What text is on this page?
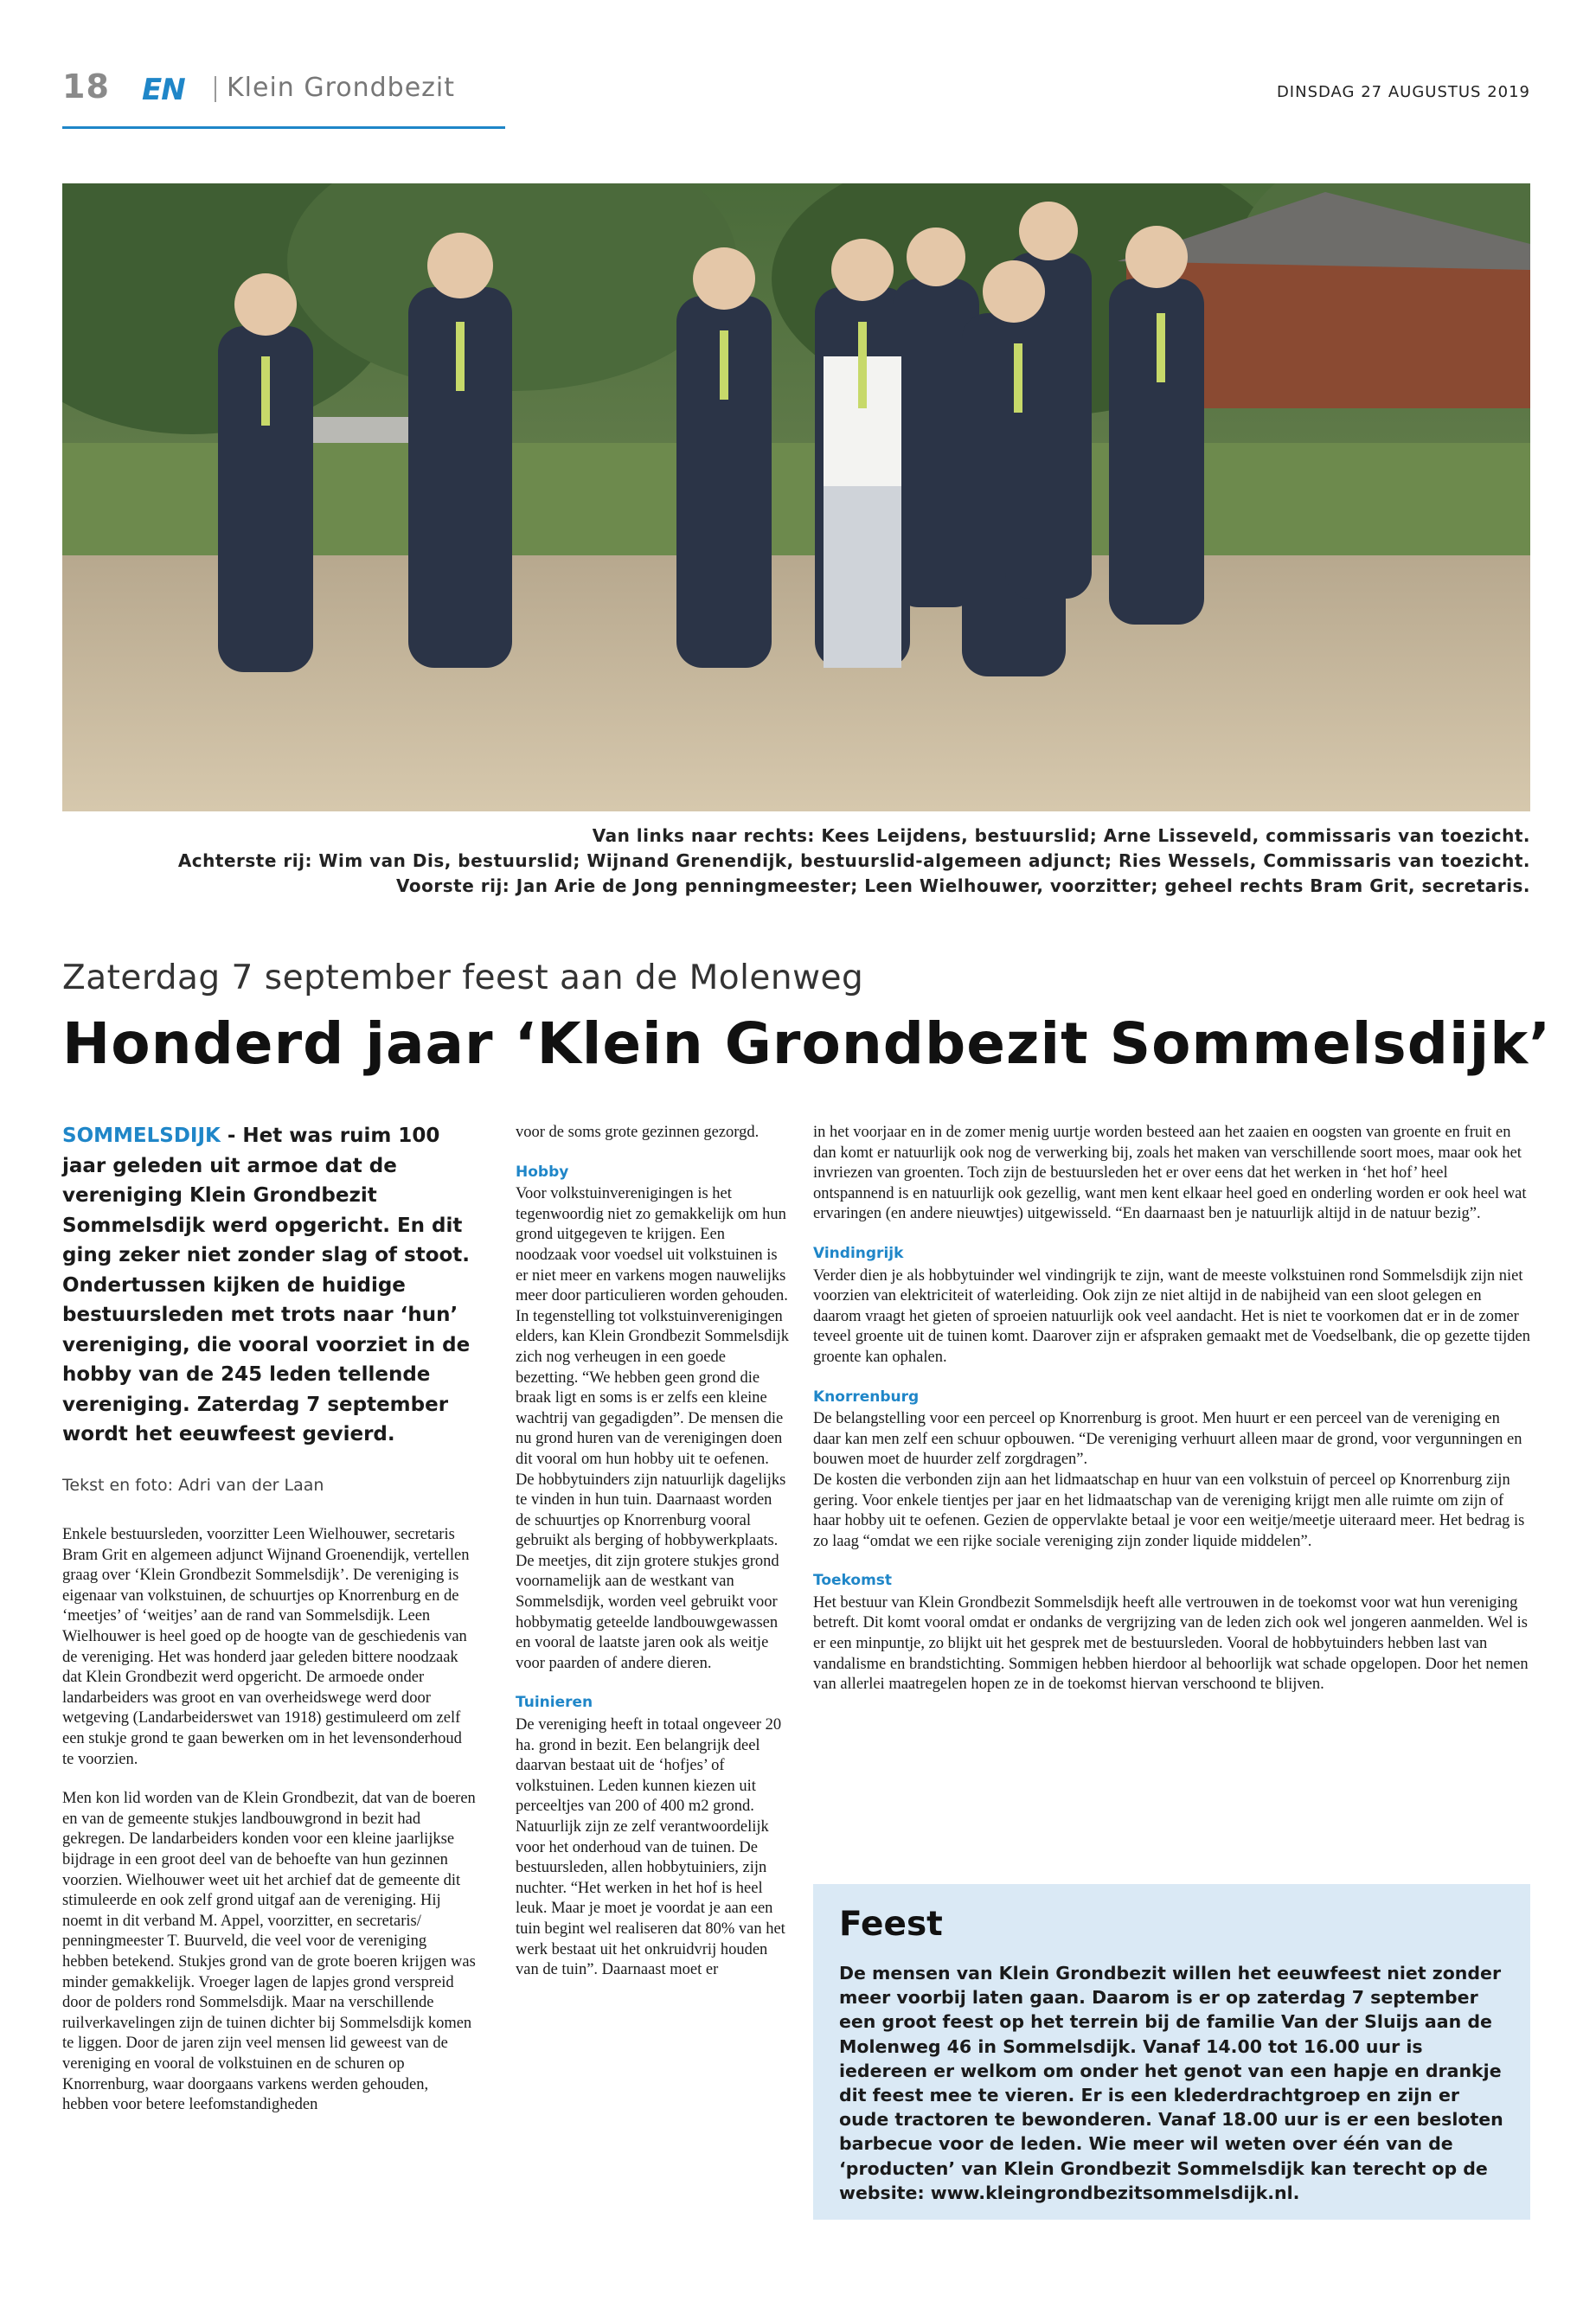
18 EN Klein Grondbezit	DINSDAG 27 AUGUSTUS 2019
Van links naar rechts: Kees Leijdens, bestuurslid; Arne Lisseveld, commissaris van toezicht.
Achterste rij: Wim van Dis, bestuurslid; Wijnand Grenendijk, bestuurslid-algemeen adjunct; Ries Wessels, Commissaris van toezicht.
Voorste rij: Jan Arie de Jong penningmeester; Leen Wielhouwer, voorzitter; geheel rechts Bram Grit, secretaris.
Zaterdag 7 september feest aan de Molenweg
Honderd jaar ‘Klein Grondbezit Sommelsdijk’
SOMMELSDIJK - Het was ruim 100 jaar geleden uit armoe dat de vereniging Klein Grondbezit Sommelsdijk werd opgericht. En dit ging zeker niet zonder slag of stoot. Ondertussen kijken de huidige bestuursleden met trots naar ‘hun’ vereniging, die vooral voorziet in de hobby van de 245 leden tellende vereniging. Zaterdag 7 september wordt het eeuwfeest gevierd.
Tekst en foto: Adri van der Laan

Enkele bestuursleden, voorzitter Leen Wielhouwer, secretaris Bram Grit en algemeen adjunct Wijnand Groenendijk, vertellen graag over ‘Klein Grondbezit Sommelsdijk’. De vereniging is eigenaar van volkstuinen, de schuurtjes op Knorrenburg en de ‘meetjes’ of ‘weitjes’ aan de rand van Sommelsdijk. Leen Wielhouwer is heel goed op de hoogte van de geschiedenis van de vereniging. Het was honderd jaar geleden bittere noodzaak dat Klein Grondbezit werd opgericht. De armoede onder landarbeiders was groot en van overheidswege werd door wetgeving (Landarbeiderswet van 1918) gestimuleerd om zelf een stukje grond te gaan bewerken om in het levensonderhoud te voorzien.

Men kon lid worden van de Klein Grondbezit, dat van de boeren en van de gemeente stukjes landbouwgrond in bezit had gekregen. De landarbeiders konden voor een kleine jaarlijkse bijdrage in een groot deel van de behoefte van hun gezinnen voorzien. Wielhouwer weet uit het archief dat de gemeente dit stimuleerde en ook zelf grond uitgaf aan de vereniging. Hij noemt in dit verband M. Appel, voorzitter, en secretaris/ penningmeester T. Buurveld, die veel voor de vereniging hebben betekend. Stukjes grond van de grote boeren krijgen was minder gemakkelijk. Vroeger lagen de lapjes grond verspreid door de polders rond Sommelsdijk. Maar na verschillende ruilverkavelingen zijn de tuinen dichter bij Sommelsdijk komen te liggen. Door de jaren zijn veel mensen lid geweest van de vereniging en vooral de volkstuinen en de schuren op Knorrenburg, waar doorgaans varkens werden gehouden, hebben voor betere leefomstandigheden

voor de soms grote gezinnen gezorgd.

Hobby

Voor volkstuinverenigingen is het tegenwoordig niet zo gemakkelijk om hun grond uitgegeven te krijgen. Een noodzaak voor voedsel uit volkstuinen is er niet meer en varkens mogen nauwelijks meer door particulieren worden gehouden. In tegenstelling tot volkstuinverenigingen elders, kan Klein Grondbezit Sommelsdijk zich nog verheugen in een goede bezetting. “We hebben geen grond die braak ligt en soms is er zelfs een kleine wachtrij van gegadigden”. De mensen die nu grond huren van de verenigingen doen dit vooral om hun hobby uit te oefenen. De hobbytuinders zijn natuurlijk dagelijks te vinden in hun tuin. Daarnaast worden de schuurtjes op Knorrenburg vooral gebruikt als berging of hobbywerkplaats. De meetjes, dit zijn grotere stukjes grond voornamelijk aan de westkant van Sommelsdijk, worden veel gebruikt voor hobbymatig geteelde landbouwgewassen en vooral de laatste jaren ook als weitje voor paarden of andere dieren.

Tuinieren

De vereniging heeft in totaal ongeveer 20 ha. grond in bezit. Een belangrijk deel daarvan bestaat uit de ‘hofjes’ of volkstuinen. Leden kunnen kiezen uit perceeltjes van 200 of 400 m2 grond. Natuurlijk zijn ze zelf verantwoordelijk voor het onderhoud van de tuinen. De bestuursleden, allen hobbytuiniers, zijn nuchter. “Het werken in het hof is heel leuk. Maar je moet je voordat je aan een tuin begint wel realiseren dat 80% van het werk bestaat uit het onkruidvrij houden van de tuin”. Daarnaast moet er

in het voorjaar en in de zomer menig uurtje worden besteed aan het zaaien en oogsten van groente en fruit en dan komt er natuurlijk ook nog de verwerking bij, zoals het maken van verschillende soort moes, maar ook het invriezen van groenten. Toch zijn de bestuursleden het er over eens dat het werken in ‘het hof’ heel ontspannend is en natuurlijk ook gezellig, want men kent elkaar heel goed en onderling worden er ook heel wat ervaringen (en andere nieuwtjes) uitgewisseld. “En daarnaast ben je natuurlijk altijd in de natuur bezig”.

Vindingrijk

Verder dien je als hobbytuinder wel vindingrijk te zijn, want de meeste volkstuinen rond Sommelsdijk zijn niet voorzien van elektriciteit of waterleiding. Ook zijn ze niet altijd in de nabijheid van een sloot gelegen en daarom vraagt het gieten of sproeien natuurlijk ook veel aandacht. Het is niet te voorkomen dat er in de zomer teveel groente uit de tuinen komt. Daarover zijn er afspraken gemaakt met de Voedselbank, die op gezette tijden groente kan ophalen.

Knorrenburg

De belangstelling voor een perceel op Knorrenburg is groot. Men huurt er een perceel van de vereniging en daar kan men zelf een schuur opbouwen. “De vereniging verhuurt alleen maar de grond, voor vergunningen en bouwen moet de huurder zelf zorgdragen”.

De kosten die verbonden zijn aan het lidmaatschap en huur van een volkstuin of perceel op Knorrenburg zijn gering. Voor enkele tientjes per jaar en het lidmaatschap van de vereniging krijgt men alle ruimte om zijn of haar hobby uit te oefenen. Gezien de oppervlakte betaal je voor een weitje/meetje uiteraard meer. Het bedrag is zo laag “omdat we een rijke sociale vereniging zijn zonder liquide middelen”.

Toekomst

Het bestuur van Klein Grondbezit Sommelsdijk heeft alle vertrouwen in de toekomst voor wat hun vereniging betreft. Dit komt vooral omdat er ondanks de vergrijzing van de leden zich ook wel jongeren aanmelden. Wel is er een minpuntje, zo blijkt uit het gesprek met de bestuursleden. Vooral de hobbytuinders hebben last van vandalisme en brandstichting. Sommigen hebben hierdoor al behoorlijk wat schade opgelopen. Door het nemen van allerlei maatregelen hopen ze in de toekomst hiervan verschoond te blijven.

Feest
De mensen van Klein Grondbezit willen het eeuwfeest niet zonder meer voorbij laten gaan. Daarom is er op zaterdag 7 september een groot feest op het terrein bij de familie Van der Sluijs aan de Molenweg 46 in Sommelsdijk. Vanaf 14.00 tot 16.00 uur is iedereen er welkom om onder het genot van een hapje en drankje dit feest mee te vieren. Er is een klederdrachtgroep en zijn er oude tractoren te bewonderen. Vanaf 18.00 uur is er een besloten barbecue voor de leden. Wie meer wil weten over één van de ‘producten’ van Klein Grondbezit Sommelsdijk kan terecht op de website: www.kleingrondbezitsommelsdijk.nl.
